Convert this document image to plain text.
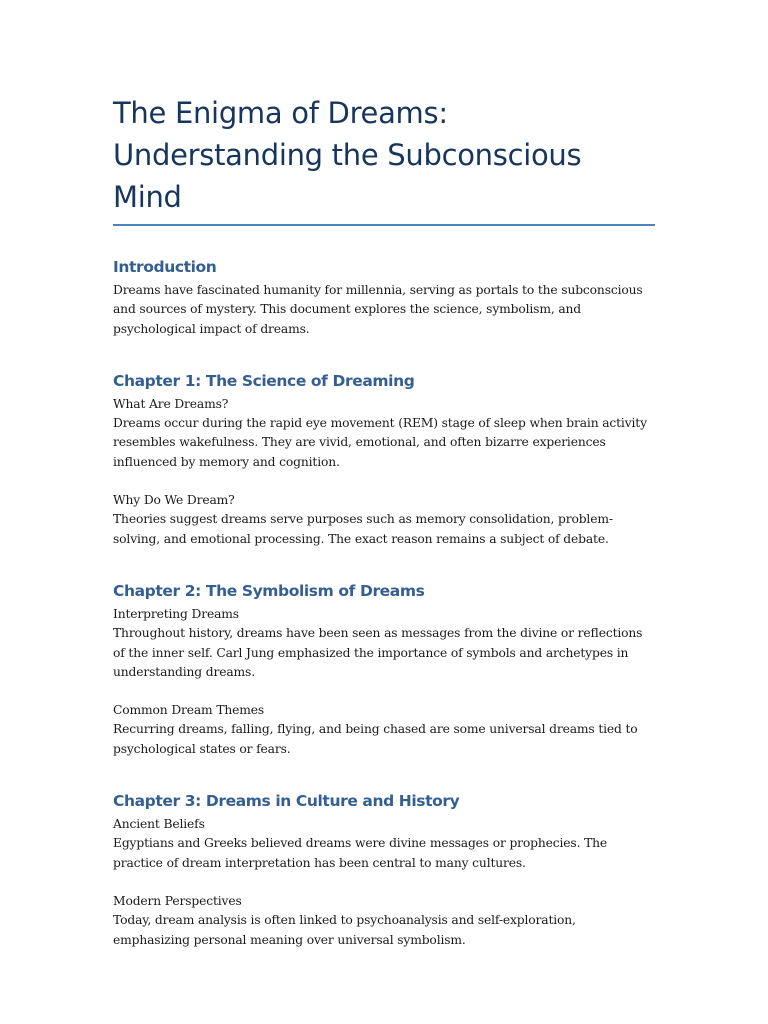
The Enigma of Dreams: Understanding the Subconscious Mind
Introduction

Dreams have fascinated humanity for millennia, serving as portals to the subconscious and sources of mystery. This document explores the science, symbolism, and psychological impact of dreams.

Chapter 1: The Science of Dreaming

What Are Dreams?
Dreams occur during the rapid eye movement (REM) stage of sleep when brain activity resembles wakefulness. They are vivid, emotional, and often bizarre experiences influenced by memory and cognition.

Why Do We Dream?
Theories suggest dreams serve purposes such as memory consolidation, problem-solving, and emotional processing. The exact reason remains a subject of debate.

Chapter 2: The Symbolism of Dreams

Interpreting Dreams
Throughout history, dreams have been seen as messages from the divine or reflections of the inner self. Carl Jung emphasized the importance of symbols and archetypes in understanding dreams.

Common Dream Themes
Recurring dreams, falling, flying, and being chased are some universal dreams tied to psychological states or fears.

Chapter 3: Dreams in Culture and History

Ancient Beliefs
Egyptians and Greeks believed dreams were divine messages or prophecies. The practice of dream interpretation has been central to many cultures.

Modern Perspectives
Today, dream analysis is often linked to psychoanalysis and self-exploration, emphasizing personal meaning over universal symbolism.
